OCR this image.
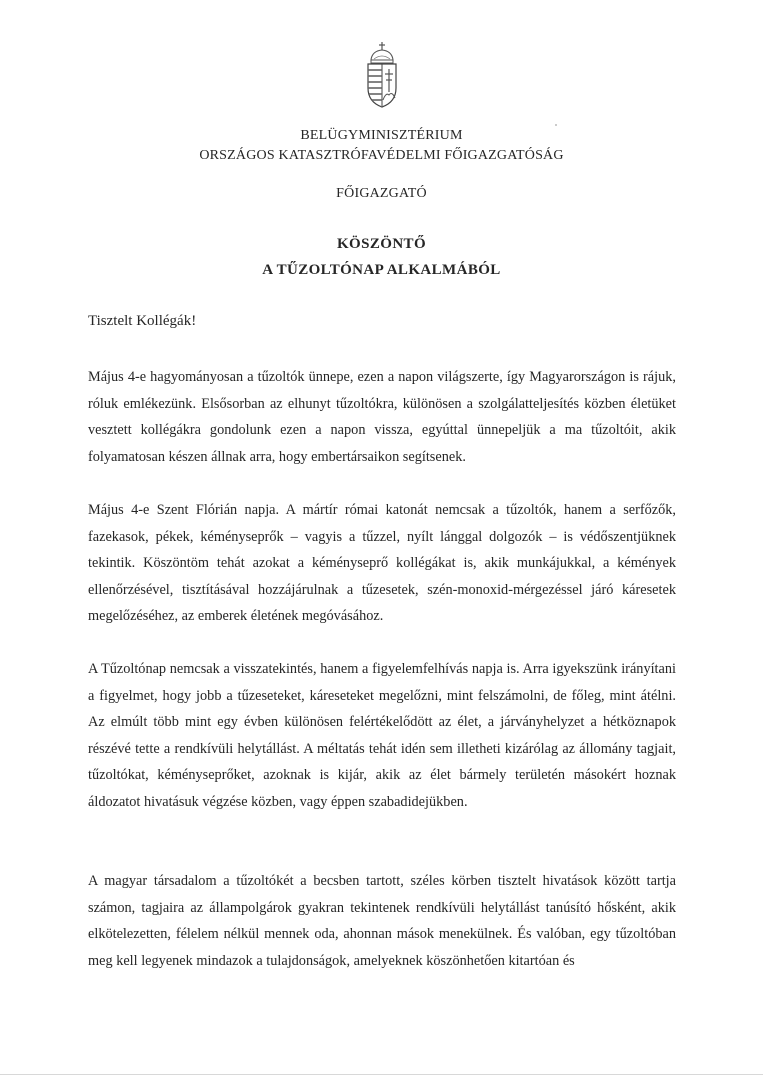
BELÜGYMINISZTÉRIUM
ORSZÁGOS KATASZTRÓFAVÉDELMI FŐIGAZGATÓSÁG
FŐIGAZGATÓ
KÖSZÖNTŐ
A TŰZOLTÓNAP ALKALMÁBÓL
Tisztelt Kollégák!

Május 4-e hagyományosan a tűzoltók ünnepe, ezen a napon világszerte, így Magyarországon is rájuk, róluk emlékezünk. Elsősorban az elhunyt tűzoltókra, különösen a szolgálatteljesítés közben életüket vesztett kollégákra gondolunk ezen a napon vissza, egyúttal ünnepeljük a ma tűzoltóit, akik folyamatosan készen állnak arra, hogy embertársaikon segítsenek.

Május 4-e Szent Flórián napja. A mártír római katonát nemcsak a tűzoltók, hanem a serfőzők, fazekasok, pékek, kéményseprők – vagyis a tűzzel, nyílt lánggal dolgozók – is védőszentjüknek tekintik. Köszöntöm tehát azokat a kéményseprő kollégákat is, akik munkájukkal, a kémények ellenőrzésével, tisztításával hozzájárulnak a tűzesetek, szén-monoxid-mérgezéssel járó káresetek megelőzéséhez, az emberek életének megóvásához.

A Tűzoltónap nemcsak a visszatekintés, hanem a figyelemfelhívás napja is. Arra igyekszünk irányítani a figyelmet, hogy jobb a tűzeseteket, káreseteket megelőzni, mint felszámolni, de főleg, mint átélni. Az elmúlt több mint egy évben különösen felértékelődött az élet, a járványhelyzet a hétköznapok részévé tette a rendkívüli helytállást. A méltatás tehát idén sem illetheti kizárólag az állomány tagjait, tűzoltókat, kéményseprőket, azoknak is kijár, akik az élet bármely területén másokért hoznak áldozatot hivatásuk végzése közben, vagy éppen szabadidejükben.

A magyar társadalom a tűzoltókét a becsben tartott, széles körben tisztelt hivatások között tartja számon, tagjaira az állampolgárok gyakran tekintenek rendkívüli helytállást tanúsító hősként, akik elkötelezetten, félelem nélkül mennek oda, ahonnan mások menekülnek. És valóban, egy tűzoltóban meg kell legyenek mindazok a tulajdonságok, amelyeknek köszönhetően kitartóan és
